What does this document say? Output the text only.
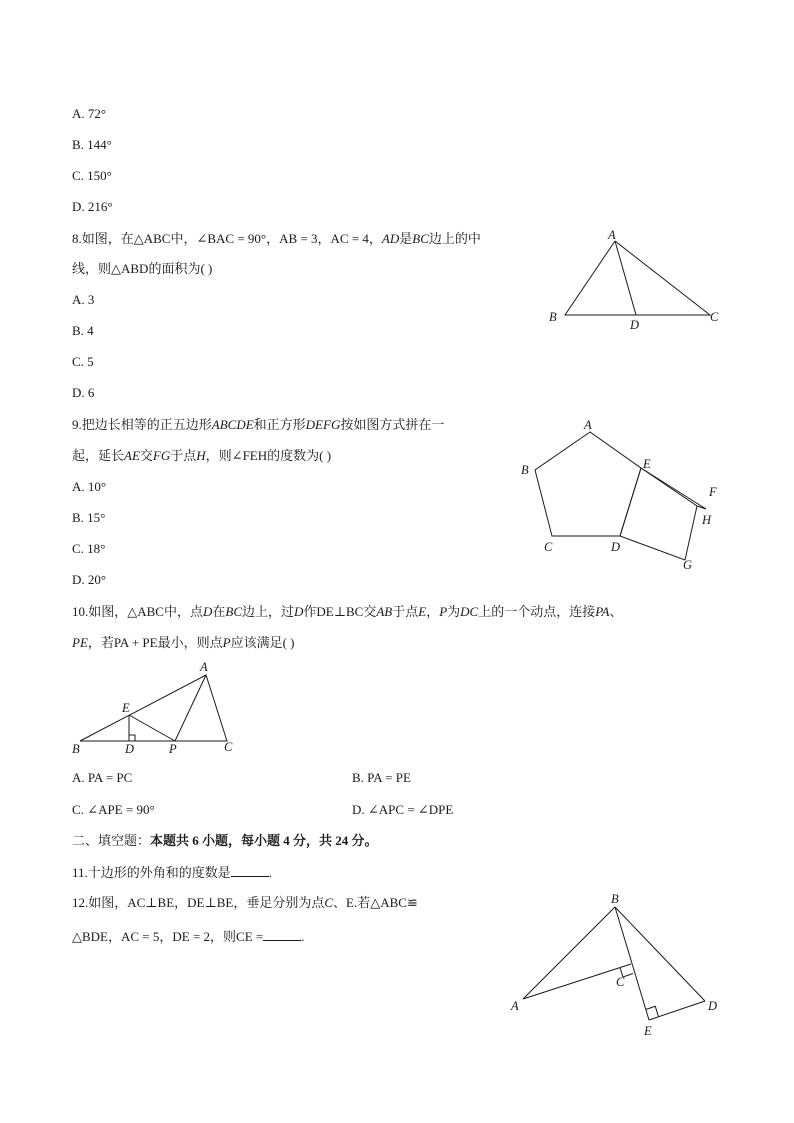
A. 72°
B. 144°
C. 150°
D. 216°
8.如图，在△ABC中，∠BAC = 90°，AB = 3，AC = 4，AD是BC边上的中
线，则△ABD的面积为( )
A. 3
B. 4
C. 5
D. 6
A
B
D
C
9.把边长相等的正五边形ABCDE和正方形DEFG按如图方式拼在一
起，延长AE交FG于点H，则∠FEH的度数为( )
A. 10°
B. 15°
C. 18°
D. 20°
A
B
C	D
E
F
H
G
10.如图，△ABC中，点D在BC边上，过D作DE⊥BC交AB于点E，P为DC上的一个动点，连接PA、
PE，若PA + PE最小，则点P应该满足( )
A
E
B	D	P	C
A. PA = PC	B. PA = PE
C. ∠APE = 90°	D. ∠APC = ∠DPE
二、填空题：本题共 6 小题，每小题 4 分，共 24 分。
11.十边形的外角和的度数是	.
12.如图，AC⊥BE，DE⊥BE，垂足分别为点C、E.若△ABC≌
△BDE，AC = 5，DE = 2，则CE =	.
B
C
A	D
E
